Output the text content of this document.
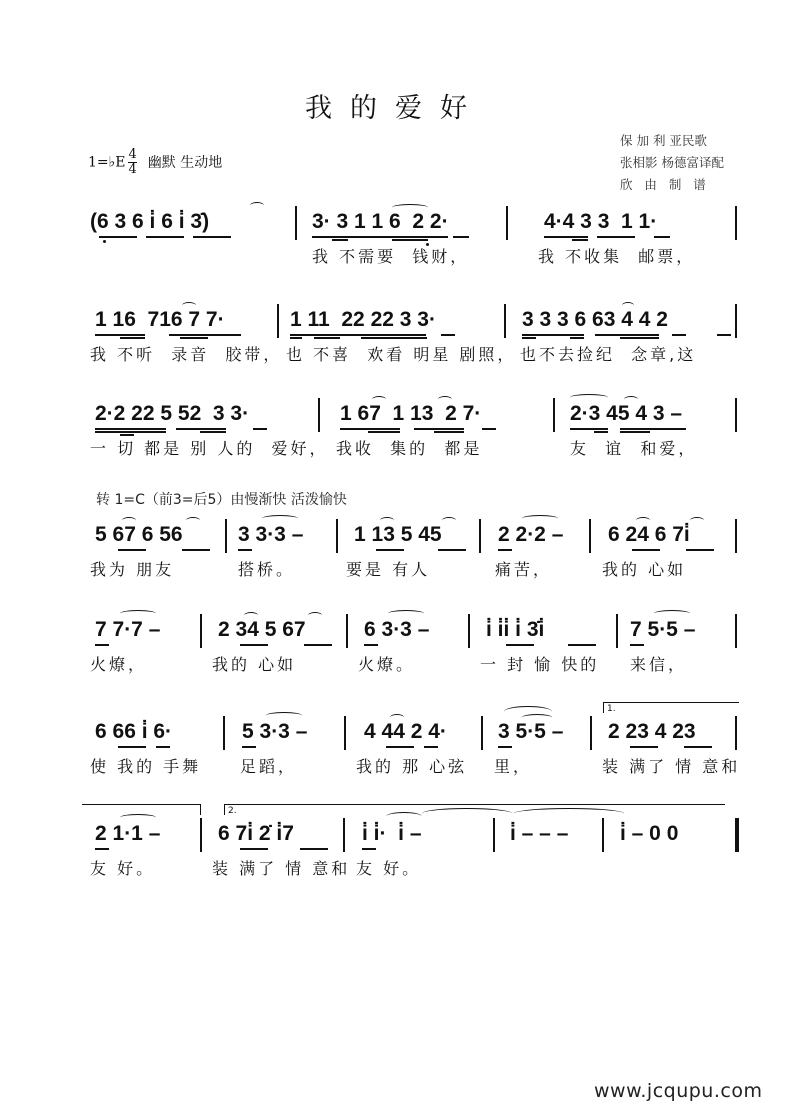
我的爱好
保 加 利 亚民歌
张相影 杨德富译配
欣   由   制   谱
1=♭E $\frac{4}{4}$ 幽默 生动地
转 1=C（前3=后5）由慢渐快 活泼愉快
(6 3 6 i̇ 6 i̇ 3̇)	3· 3 1 1 6  2 2·	4·4 3 3  1 1·
我 不需要  钱财，	我 不收集  邮票，
1 16  716 7 7·	1 11  22 22 3 3·	3 3 3 6 63 4 4 2
我 不听  录音  胶带， 也 不喜  欢看 明星 剧照， 也不去捡纪  念章,这
2·2 22 5 52  3 3·	1 67  1 13  2 7·	2·3 45 4 3 –
一 切 都是 别 人的  爱好， 我收  集的  都是	友  谊  和爱，
5 67 6 56	3 3·3 – 1 13 5 45	2 2·2 – 6 24 6 7i̇
我为 朋友	搭桥。	要是 有人	痛苦，	我的 心如
7 7·7 –	2 34 5 67	6 3·3 –	i̇ i̇i̇ i̇ 3̇i̇	7 5·5 –
火燎，	我的 心如	火燎。	一 封 愉 快的 来信，
1.
6 66 i̇ 6·	5 3·3 –	4 44 2 4· 3 5·5 – 2 23 4 23
使 我的 手舞 足蹈，	我的 那 心弦 里，	装 满了 情 意和
2.
2 1·1 –	6 7i̇ 2̇ i̇7	i̇ i̇·  i̇ –	i̇ – – – i̇ – 0 0
友 好。	装 满了 情 意和 友 好。
www.jcqupu.com
